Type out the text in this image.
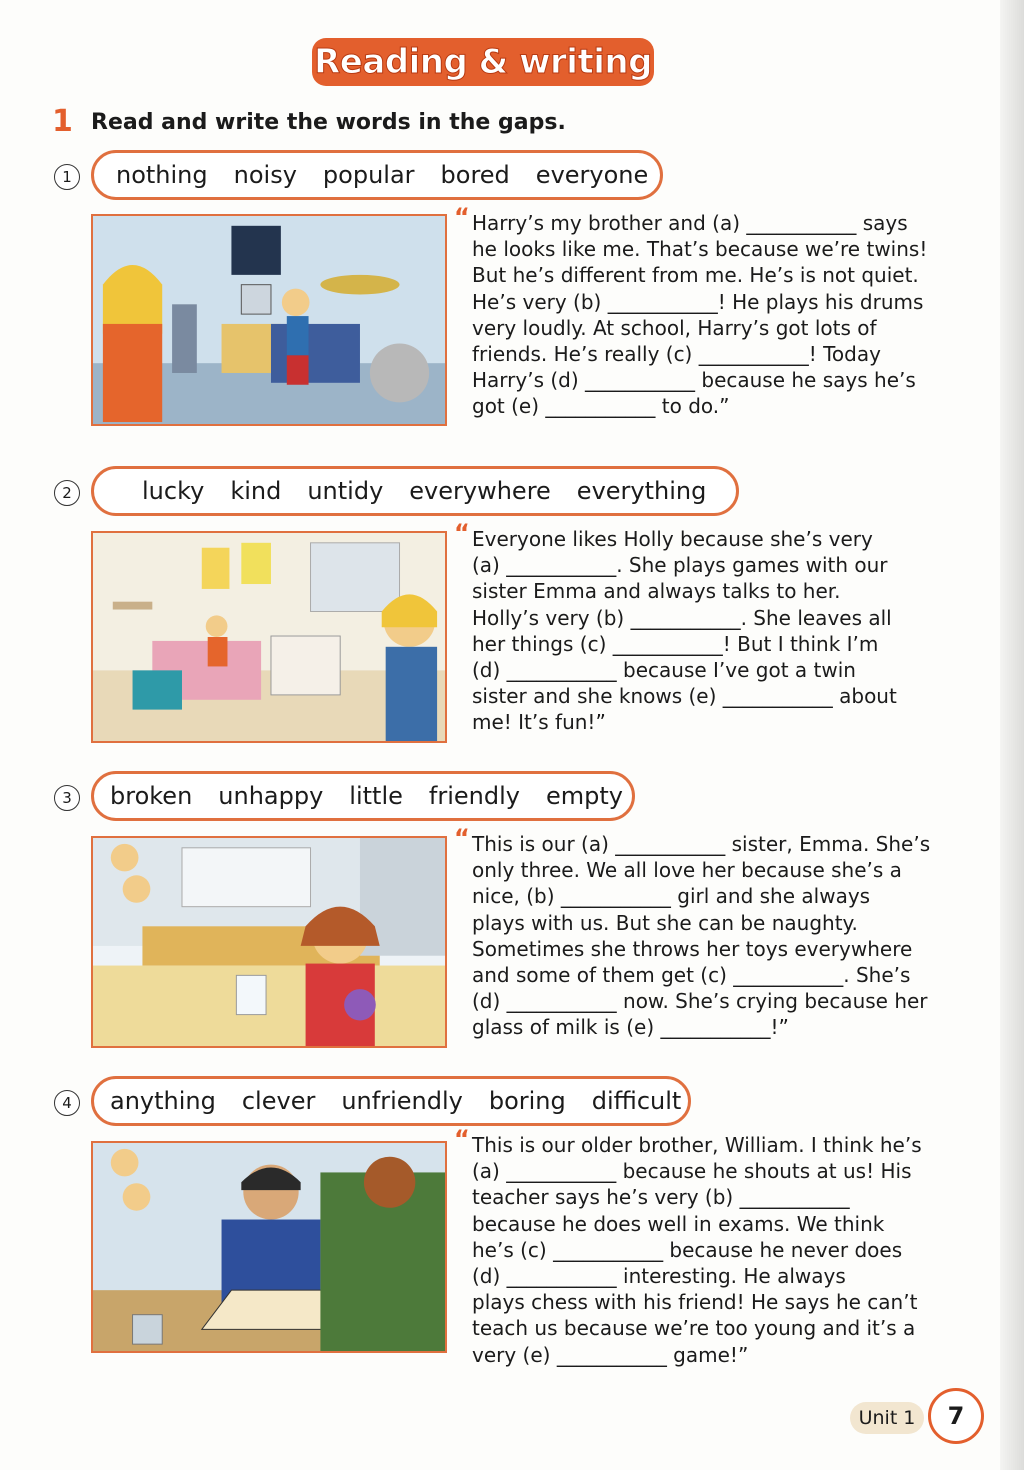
Reading & writing
1 Read and write the words in the gaps.
1	nothing noisy popular bored everyone
“ Harry’s my brother and (a) ___________ says
he looks like me. That’s because we’re twins!
But he’s different from me. He’s is not quiet.
He’s very (b) ___________! He plays his drums
very loudly. At school, Harry’s got lots of
friends. He’s really (c) ___________! Today
Harry’s (d) ___________ because he says he’s
got (e) ___________ to do.”
2	lucky kind untidy everywhere everything
“ Everyone likes Holly because she’s very
(a) ___________. She plays games with our
sister Emma and always talks to her.
Holly’s very (b) ___________. She leaves all
her things (c) ___________! But I think I’m
(d) ___________ because I’ve got a twin
sister and she knows (e) ___________ about
me! It’s fun!”
3	broken unhappy little friendly empty
“ This is our (a) ___________ sister, Emma. She’s
only three. We all love her because she’s a
nice, (b) ___________ girl and she always
plays with us. But she can be naughty.
Sometimes she throws her toys everywhere
and some of them get (c) ___________. She’s
(d) ___________ now. She’s crying because her
glass of milk is (e) ___________!”
4	anything clever unfriendly boring difficult
“ This is our older brother, William. I think he’s
(a) ___________ because he shouts at us! His
teacher says he’s very (b) ___________
because he does well in exams. We think
he’s (c) ___________ because he never does
(d) ___________ interesting. He always
plays chess with his friend! He says he can’t
teach us because we’re too young and it’s a
very (e) ___________ game!”
Unit 1	7
